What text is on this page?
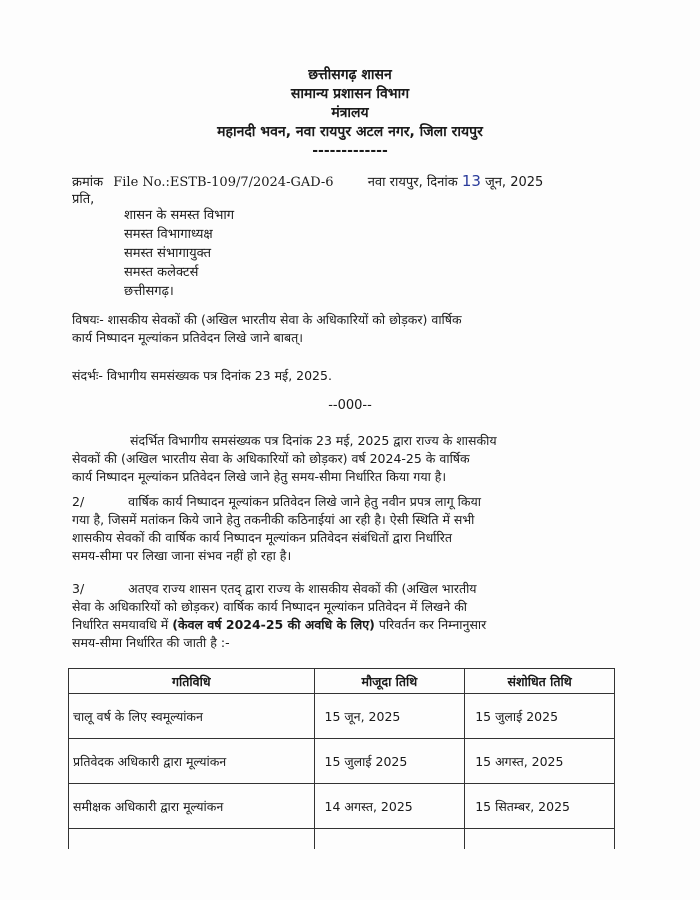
छत्तीसगढ़ शासन
सामान्य प्रशासन विभाग
मंत्रालय
महानदी भवन, नवा रायपुर अटल नगर, जिला रायपुर
-------------
क्रमांक File No.:ESTB-109/7/2024-GAD-6	नवा रायपुर, दिनांक 13 जून, 2025
प्रति,
शासन के समस्त विभाग
समस्त विभागाध्यक्ष
समस्त संभागायुक्त
समस्त कलेक्टर्स
छत्तीसगढ़।
विषयः- शासकीय सेवकों की (अखिल भारतीय सेवा के अधिकारियों को छोड़कर) वार्षिक
कार्य निष्पादन मूल्यांकन प्रतिवेदन लिखे जाने बाबत्।
संदर्भः- विभागीय समसंख्यक पत्र दिनांक 23 मई, 2025.
--000--
संदर्भित विभागीय समसंख्यक पत्र दिनांक 23 मई, 2025 द्वारा राज्य के शासकीय
सेवकों की (अखिल भारतीय सेवा के अधिकारियों को छोड़कर) वर्ष 2024-25 के वार्षिक
कार्य निष्पादन मूल्यांकन प्रतिवेदन लिखे जाने हेतु समय-सीमा निर्धारित किया गया है।
2/	वार्षिक कार्य निष्पादन मूल्यांकन प्रतिवेदन लिखे जाने हेतु नवीन प्रपत्र लागू किया
गया है, जिसमें मतांकन किये जाने हेतु तकनीकी कठिनाईयां आ रही है। ऐसी स्थिति में सभी
शासकीय सेवकों की वार्षिक कार्य निष्पादन मूल्यांकन प्रतिवेदन संबंधितों द्वारा निर्धारित
समय-सीमा पर लिखा जाना संभव नहीं हो रहा है।
3/	अतएव राज्य शासन एतद् द्वारा राज्य के शासकीय सेवकों की (अखिल भारतीय
सेवा के अधिकारियों को छोड़कर) वार्षिक कार्य निष्पादन मूल्यांकन प्रतिवेदन में लिखने की
निर्धारित समयावधि में (केवल वर्ष 2024-25 की अवधि के लिए) परिवर्तन कर निम्नानुसार
समय-सीमा निर्धारित की जाती है :-
गतिविधि	मौजूदा तिथि	संशोधित तिथि
चालू वर्ष के लिए स्वमूल्यांकन	15 जून, 2025	15 जुलाई 2025
प्रतिवेदक अधिकारी द्वारा मूल्यांकन	15 जुलाई 2025	15 अगस्त, 2025
समीक्षक अधिकारी द्वारा मूल्यांकन	14 अगस्त, 2025	15 सितम्बर, 2025
